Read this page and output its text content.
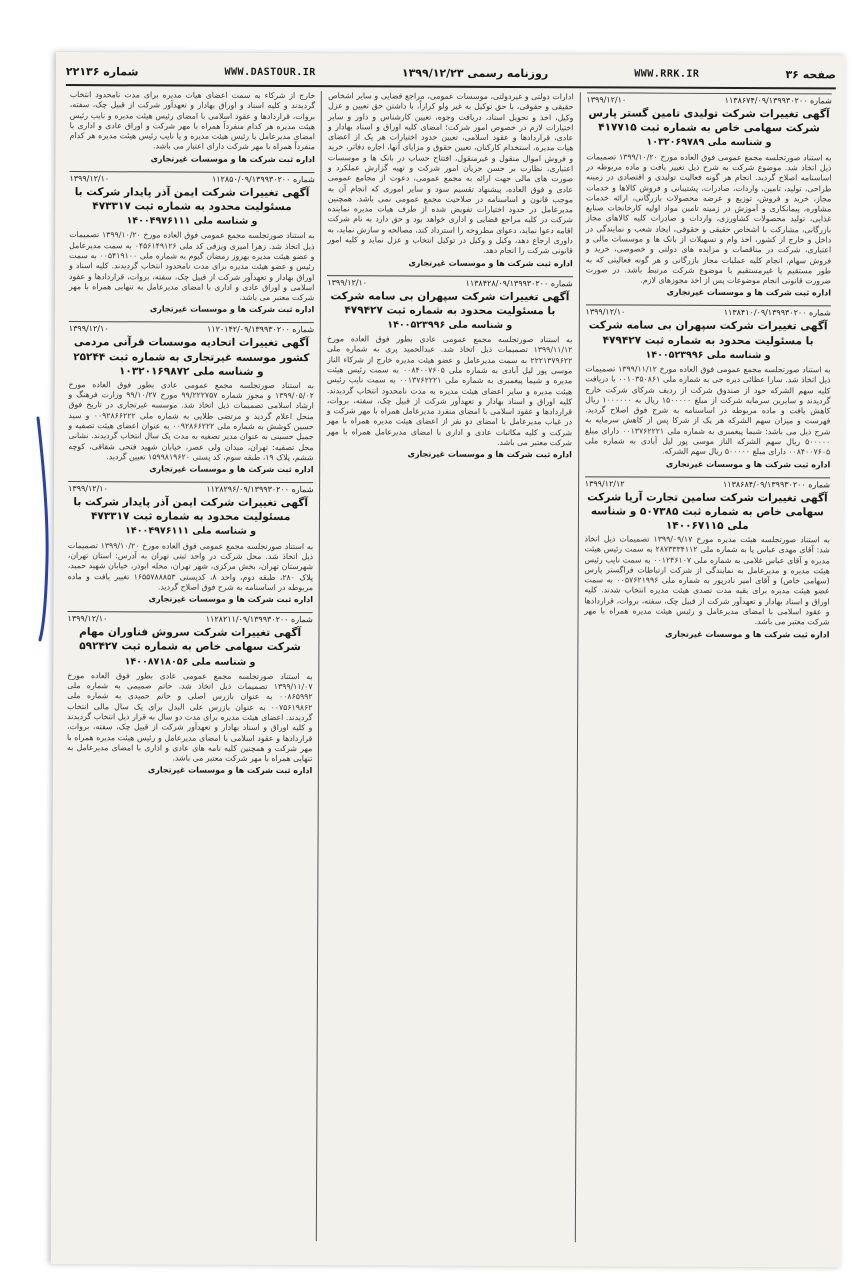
صفحه ۳۶
WWW.RRK.IR
روزنامه رسمی ۱۳۹۹/۱۲/۲۳
WWW.DASTOUR.IR
شماره ۲۲۱۳۶
شماره ۱۱۳۸۶۷۴/۰۹/۱۳۹۹۳۰۲۰۰
۱۳۹۹/۱۲/۱۰
آگهی تغییرات شرکت تولیدی تامین گستر پارس شرکت سهامی خاص به شماره ثبت ۴۱۷۷۱۵
و شناسه ملی ۱۰۳۲۰۶۹۷۸۹
به استناد صورتجلسه مجمع عمومی فوق العاده مورخ ۱۳۹۹/۱۰/۲۰ تصمیمات ذیل اتخاذ شد. موضوع شرکت به شرح ذیل تغییر یافت و ماده مربوطه در اساسنامه اصلاح گردید. انجام هر گونه فعالیت تولیدی و اقتصادی در زمینه طراحی، تولید، تامین، واردات، صادرات، پشتیبانی و فروش کالاها و خدمات مجاز، خرید و فروش، توزیع و عرضه محصولات بازرگانی، ارائه خدمات مشاوره، پیمانکاری و آموزش در زمینه تامین مواد اولیه کارخانجات صنایع غذایی، تولید محصولات کشاورزی، واردات و صادرات کلیه کالاهای مجاز بازرگانی، مشارکت با اشخاص حقیقی و حقوقی، ایجاد شعب و نمایندگی در داخل و خارج از کشور، اخذ وام و تسهیلات از بانک ها و موسسات مالی و اعتباری، شرکت در مناقصات و مزایده های دولتی و خصوصی، خرید و فروش سهام، انجام کلیه عملیات مجاز بازرگانی و هر گونه فعالیتی که به طور مستقیم یا غیرمستقیم با موضوع شرکت مرتبط باشد. در صورت ضرورت قانونی انجام موضوعات پس از اخذ مجوزهای لازم.
اداره ثبت شرکت ها و موسسات غیرتجاری
شماره ۱۱۳۸۴۱۰/۰۹/۱۳۹۹۳۰۲۰۰
۱۳۹۹/۱۲/۱۰
آگهی تغییرات شرکت سپهران بی سامه شرکت با مسئولیت محدود به شماره ثبت ۴۷۹۴۲۷
و شناسه ملی ۱۴۰۰۵۲۳۹۹۶
به استناد صورتجلسه مجمع عمومی فوق العاده مورخ ۱۳۹۹/۱۱/۱۲ تصمیمات ذیل اتخاذ شد. سارا عطائی دیره جی به شماره ملی ۰۰۱۰۳۵۰۸۶۱ با دریافت کلیه سهم الشرکه خود از صندوق شرکت از ردیف شرکای شرکت خارج گردیدند و سایرین سرمایه شرکت از مبلغ ۱۵۰۰۰۰۰ ریال به ۱۰۰۰۰۰۰ ریال کاهش یافت و ماده مربوطه در اساسنامه به شرح فوق اصلاح گردید. فهرست و میزان سهم الشرکه هر یک از شرکا پس از کاهش سرمایه به شرح ذیل می باشد: شیما پیغمبری به شماره ملی ۰۰۱۳۷۶۲۲۲۱ دارای مبلغ ۵۰۰۰۰۰ ریال سهم الشرکه الناز موسی پور لیل آبادی به شماره ملی ۰۰۸۴۰۰۷۶۰۵ دارای مبلغ ۵۰۰۰۰۰ ریال سهم الشرکه.
اداره ثبت شرکت ها و موسسات غیرتجاری
شماره ۱۱۳۸۶۸۴/۰۹/۱۳۹۹۳۰۲۰۰
۱۳۹۹/۱۲/۱۲
آگهی تغییرات شرکت سامین تجارت آریا شرکت سهامی خاص به شماره ثبت ۵۰۷۳۸۵ و شناسه ملی ۱۴۰۰۶۷۱۱۵
به استناد صورتجلسه هیئت مدیره مورخ ۱۳۹۹/۰۹/۱۷ تصمیمات ذیل اتخاذ شد: آقای مهدی عباس پا به شماره ملی ۲۸۷۳۳۳۴۱۱۲ به سمت رئیس هیئت مدیره و آقای عباس غلامی به شماره ملی ۰۰۱۲۴۶۱۰۷ به سمت نایب رئیس هیئت مدیره و مدیرعامل به نمایندگی از شرکت ارتباطات فراگستر پارس (سهامی خاص) و آقای امیر نادرپور به شماره ملی ۰۰۵۷۶۲۱۹۹۶ به سمت عضو هیئت مدیره برای بقیه مدت تصدی هیئت مدیره انتخاب شدند. کلیه اوراق و اسناد بهادار و تعهدآور شرکت از قبیل چک، سفته، بروات، قراردادها و عقود اسلامی با امضای مدیرعامل و رئیس هیئت مدیره همراه با مهر شرکت معتبر می باشد.
اداره ثبت شرکت ها و موسسات غیرتجاری
ادارات دولتی و غیردولتی، موسسات عمومی، مراجع قضایی و سایر اشخاص حقیقی و حقوقی، با حق توکیل به غیر ولو کراراً، با داشتن حق تعیین و عزل وکیل، اخذ و تحویل اسناد، دریافت وجوه، تعیین کارشناس و داور و سایر اختیارات لازم در خصوص امور شرکت؛ امضای کلیه اوراق و اسناد بهادار و عادی، قراردادها و عقود اسلامی، تعیین حدود اختیارات هر یک از اعضای هیات مدیره، استخدام کارکنان، تعیین حقوق و مزایای آنها، اجاره دفاتر، خرید و فروش اموال منقول و غیرمنقول، افتتاح حساب در بانک ها و موسسات اعتباری، نظارت بر حسن جریان امور شرکت و تهیه گزارش عملکرد و صورت های مالی جهت ارائه به مجمع عمومی، دعوت از مجامع عمومی عادی و فوق العاده، پیشنهاد تقسیم سود و سایر اموری که انجام آن به موجب قانون و اساسنامه در صلاحیت مجمع عمومی نمی باشد. همچنین مدیرعامل در حدود اختیارات تفویض شده از طرف هیات مدیره نماینده شرکت در کلیه مراجع قضایی و اداری خواهد بود و حق دارد به نام شرکت اقامه دعوا نماید، دعوای مطروحه را استرداد کند، مصالحه و سازش نماید، به داوری ارجاع دهد، وکیل و وکیل در توکیل انتخاب و عزل نماید و کلیه امور قانونی شرکت را انجام دهد.
اداره ثبت شرکت ها و موسسات غیرتجاری
شماره ۱۱۳۸۴۲۸/۰۹/۱۳۹۹۳۰۲۰۰
۱۳۹۹/۱۲/۱۰
آگهی تغییرات شرکت سپهران بی سامه شرکت با مسئولیت محدود به شماره ثبت ۴۷۹۴۲۷
و شناسه ملی ۱۴۰۰۵۲۳۹۹۶
به استناد صورتجلسه مجمع عمومی عادی بطور فوق العاده مورخ ۱۳۹۹/۱۱/۱۲ تصمیمات ذیل اتخاذ شد. عبدالحمید پری به شماره ملی ۲۲۲۱۳۷۹۶۲۲ به سمت مدیرعامل و عضو هیئت مدیره خارج از شرکاء الناز موسی پور لیل آبادی به شماره ملی ۰۰۸۴۰۰۷۶۰۵ به سمت رئیس هیئت مدیره و شیما پیغمبری به شماره ملی ۰۰۱۳۷۶۲۲۲۱ به سمت نایب رئیس هیئت مدیره و سایر اعضای هیئت مدیره به مدت نامحدود انتخاب گردیدند. کلیه اوراق و اسناد بهادار و تعهدآور شرکت از قبیل چک، سفته، بروات، قراردادها و عقود اسلامی با امضای منفرد مدیرعامل همراه با مهر شرکت و در غیاب مدیرعامل با امضای دو نفر از اعضای هیئت مدیره همراه با مهر شرکت و کلیه مکاتبات عادی و اداری با امضای مدیرعامل همراه با مهر شرکت معتبر می باشد.
اداره ثبت شرکت ها و موسسات غیرتجاری
خارج از شرکاء به سمت اعضای هیات مدیره برای مدت نامحدود انتخاب گردیدند و کلیه اسناد و اوراق بهادار و تعهدآور شرکت از قبیل چک، سفته، بروات، قراردادها و عقود اسلامی با امضای رئیس هیئت مدیره و نایب رئیس هیئت مدیره هر کدام منفرداً همراه با مهر شرکت و اوراق عادی و اداری با امضای مدیرعامل یا رئیس هیئت مدیره و یا نایب رئیس هیئت مدیره هر کدام منفرداً همراه با مهر شرکت دارای اعتبار می باشد.
اداره ثبت شرکت ها و موسسات غیرتجاری
شماره ۱۱۲۸۵۰/۰۹/۱۳۹۹۳۰۲۰۰
۱۳۹۹/۱۲/۱۰
آگهی تغییرات شرکت ایمن آذر پایدار شرکت با مسئولیت محدود به شماره ثبت ۴۷۳۳۱۷
و شناسه ملی ۱۴۰۰۴۹۷۶۱۱۱
به استناد صورتجلسه مجمع عمومی فوق العاده مورخ ۱۳۹۹/۱۰/۲۰ تصمیمات ذیل اتخاذ شد. زهرا امیری ویزقی کد ملی ۰۴۵۶۱۴۹۱۲۶ به سمت مدیرعامل و عضو هیئت مدیره بهروز رمضان گیوم به شماره ملی ۰۰۵۴۱۹۱۰۰ به سمت رئیس و عضو هیئت مدیره برای مدت نامحدود انتخاب گردیدند. کلیه اسناد و اوراق بهادار و تعهدآور شرکت از قبیل چک، سفته، بروات، قراردادها و عقود اسلامی و اوراق عادی و اداری با امضای مدیرعامل به تنهایی همراه با مهر شرکت معتبر می باشد.
اداره ثبت شرکت ها و موسسات غیرتجاری
شماره ۱۱۲۰۱۴۲/۰۹/۱۳۹۹۳۰۲۰۰
۱۳۹۹/۱۲/۱۰
آگهی تغییرات اتحادیه موسسات قرآنی مردمی کشور موسسه غیرتجاری به شماره ثبت ۲۵۲۴۴ و شناسه ملی ۱۰۳۲۰۱۶۹۸۷۲
به استناد صورتجلسه مجمع عمومی عادی بطور فوق العاده مورخ ۱۳۹۹/۰۵/۰۲ و مجوز شماره ۹۹/۲۲۲۷۵۷ مورخ ۹۹/۱۰/۲۷ وزارت فرهنگ و ارشاد اسلامی تصمیمات ذیل اتخاذ شد. موسسه غیرتجاری در تاریخ فوق منحل اعلام گردید و مرتضی طلایی به شماره ملی ۰۰۹۲۸۶۶۲۲۲ و سید حسین کوشش به شماره ملی ۰۰۹۲۸۶۶۲۲۲ به عنوان اعضای هیئت تصفیه و جمیل حسینی به عنوان مدیر تصفیه به مدت یک سال انتخاب گردیدند. نشانی محل تصفیه: تهران، میدان ولی عصر، خیابان شهید فتحی شقاقی، کوچه ششم، پلاک ۱۹، طبقه سوم، کد پستی ۱۵۹۹۸۱۹۶۲۰ تعیین گردید.
اداره ثبت شرکت ها و موسسات غیرتجاری
شماره ۱۱۲۸۲۹۶/۰۹/۱۳۹۹۳۰۲۰۰
۱۳۹۹/۱۲/۱۰
آگهی تغییرات شرکت ایمن آذر پایدار شرکت با مسئولیت محدود به شماره ثبت ۴۷۳۳۱۷
و شناسه ملی ۱۴۰۰۴۹۷۶۱۱۱
به استناد صورتجلسه مجمع عمومی فوق العاده مورخ ۱۳۹۹/۱۰/۲۰ تصمیمات ذیل اتخاذ شد. محل شرکت در واحد ثبتی تهران به آدرس: استان تهران، شهرستان تهران، بخش مرکزی، شهر تهران، محله ابوذر، خیابان شهید حمید، پلاک ۲۸۰، طبقه دوم، واحد ۸، کدپستی ۱۶۵۵۷۸۸۸۵۳ تغییر یافت و ماده مربوطه در اساسنامه به شرح فوق اصلاح گردید.
اداره ثبت شرکت ها و موسسات غیرتجاری
شماره ۱۱۲۸۲۱۱/۰۹/۱۳۹۹۳۰۲۰۰
۱۳۹۹/۱۲/۱۰
آگهی تغییرات شرکت سروش فناوران مهام شرکت سهامی خاص به شماره ثبت ۵۹۲۴۲۷
و شناسه ملی ۱۴۰۰۸۷۱۸۰۵۶
به استناد صورتجلسه مجمع عمومی عادی بطور فوق العاده مورخ ۱۳۹۹/۱۱/۰۷ تصمیمات ذیل اتخاذ شد. حاتم صمیمی به شماره ملی ۰۰۸۶۵۹۹۲ به عنوان بازرس اصلی و حاتم حمیدی به شماره ملی ۰۰۷۵۶۱۹۸۶۲ به عنوان بازرس علی البدل برای یک سال مالی انتخاب گردیدند. اعضای هیئت مدیره برای مدت دو سال به قرار ذیل انتخاب گردیدند و کلیه اوراق و اسناد بهادار و تعهدآور شرکت از قبیل چک، سفته، بروات، قراردادها و عقود اسلامی با امضای مدیرعامل و رئیس هیئت مدیره همراه با مهر شرکت و همچنین کلیه نامه های عادی و اداری با امضای مدیرعامل به تنهایی همراه با مهر شرکت معتبر می باشد.
اداره ثبت شرکت ها و موسسات غیرتجاری
